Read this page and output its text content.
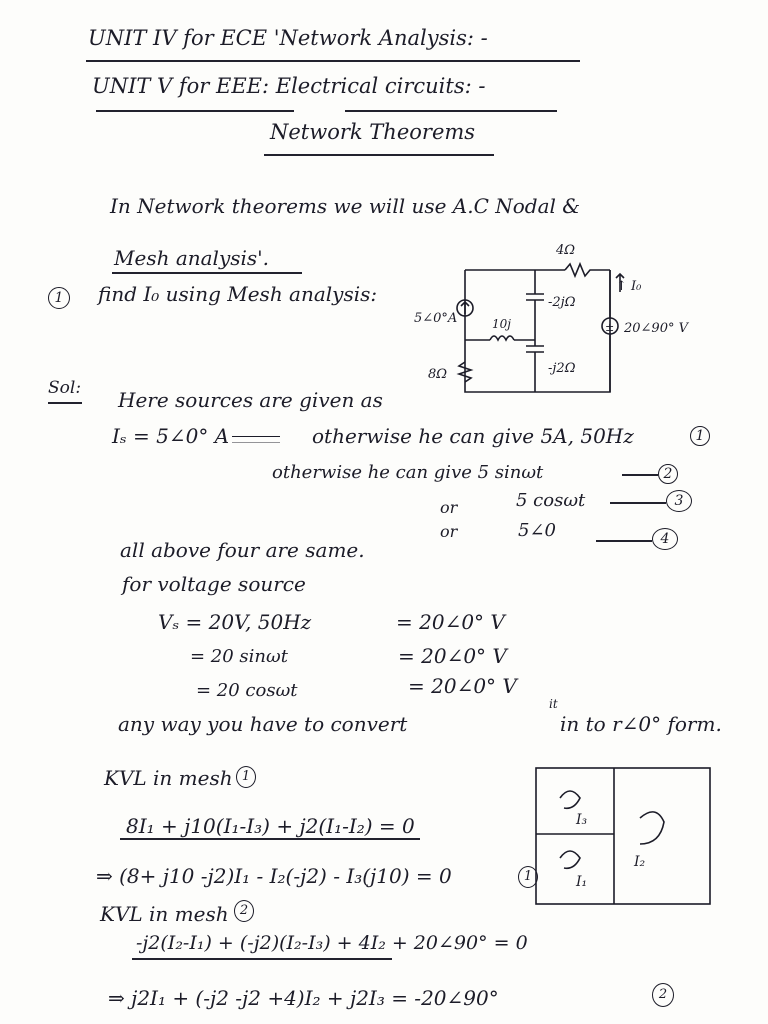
UNIT IV for ECE 'Network Analysis: -
UNIT V for EEE: Electrical circuits: -
Network Theorems
In Network theorems we will use A.C Nodal &
Mesh analysis'.
1	find I₀ using Mesh analysis:
4Ω
↑ I₀
5∠0°A	10j
-2jΩ
20∠90° V
8Ω	-j2Ω
±
Sol: Here sources are given as
Iₛ = 5∠0° A ________ otherwise he can give 5A, 50Hz	1
otherwise he can give 5 sinωt	2
or	5 cosωt	3
or	5∠0	4
all above four are same.
for voltage source
Vₛ = 20V, 50Hz	= 20∠0° V
= 20 sinωt	= 20∠0° V
= 20 cosωt	= 20∠0° V
any way you have to convert
it
in to r∠0° form.
KVL in mesh 1
8I₁ + j10(I₁-I₃) + j2(I₁-I₂) = 0
⇒ (8+ j10 -j2)I₁ - I₂(-j2) - I₃(j10) = 0	1
KVL in mesh 2
-j2(I₂-I₁) + (-j2)(I₂-I₃) + 4I₂ + 20∠90° = 0
⇒ j2I₁ + (-j2 -j2 +4)I₂ + j2I₃ = -20∠90°	2
I₃
I₁
I₂
